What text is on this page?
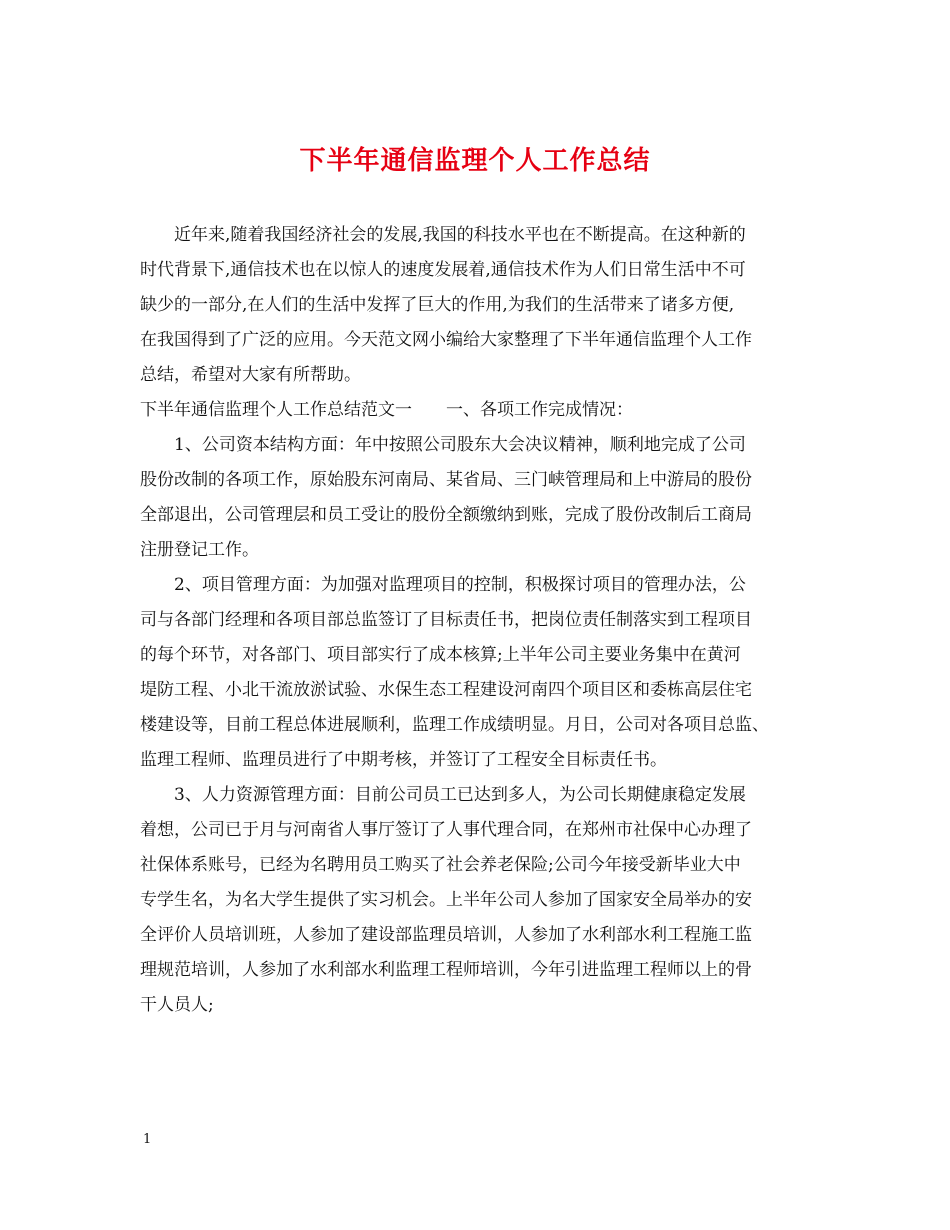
下半年通信监理个人工作总结
近年来,随着我国经济社会的发展,我国的科技水平也在不断提高。在这种新的
时代背景下,通信技术也在以惊人的速度发展着,通信技术作为人们日常生活中不可
缺少的一部分,在人们的生活中发挥了巨大的作用,为我们的生活带来了诸多方便,
在我国得到了广泛的应用。今天范文网小编给大家整理了下半年通信监理个人工作
总结，希望对大家有所帮助。
下半年通信监理个人工作总结范文一　　一、各项工作完成情况：
1、公司资本结构方面：年中按照公司股东大会决议精神，顺利地完成了公司
股份改制的各项工作，原始股东河南局、某省局、三门峡管理局和上中游局的股份
全部退出，公司管理层和员工受让的股份全额缴纳到账，完成了股份改制后工商局
注册登记工作。
2、项目管理方面：为加强对监理项目的控制，积极探讨项目的管理办法，公
司与各部门经理和各项目部总监签订了目标责任书，把岗位责任制落实到工程项目
的每个环节，对各部门、项目部实行了成本核算;上半年公司主要业务集中在黄河
堤防工程、小北干流放淤试验、水保生态工程建设河南四个项目区和委栋高层住宅
楼建设等，目前工程总体进展顺利，监理工作成绩明显。月日，公司对各项目总监、
监理工程师、监理员进行了中期考核，并签订了工程安全目标责任书。
3、人力资源管理方面：目前公司员工已达到多人，为公司长期健康稳定发展
着想，公司已于月与河南省人事厅签订了人事代理合同，在郑州市社保中心办理了
社保体系账号，已经为名聘用员工购买了社会养老保险;公司今年接受新毕业大中
专学生名，为名大学生提供了实习机会。上半年公司人参加了国家安全局举办的安
全评价人员培训班，人参加了建设部监理员培训，人参加了水利部水利工程施工监
理规范培训，人参加了水利部水利监理工程师培训，今年引进监理工程师以上的骨
干人员人;
1
